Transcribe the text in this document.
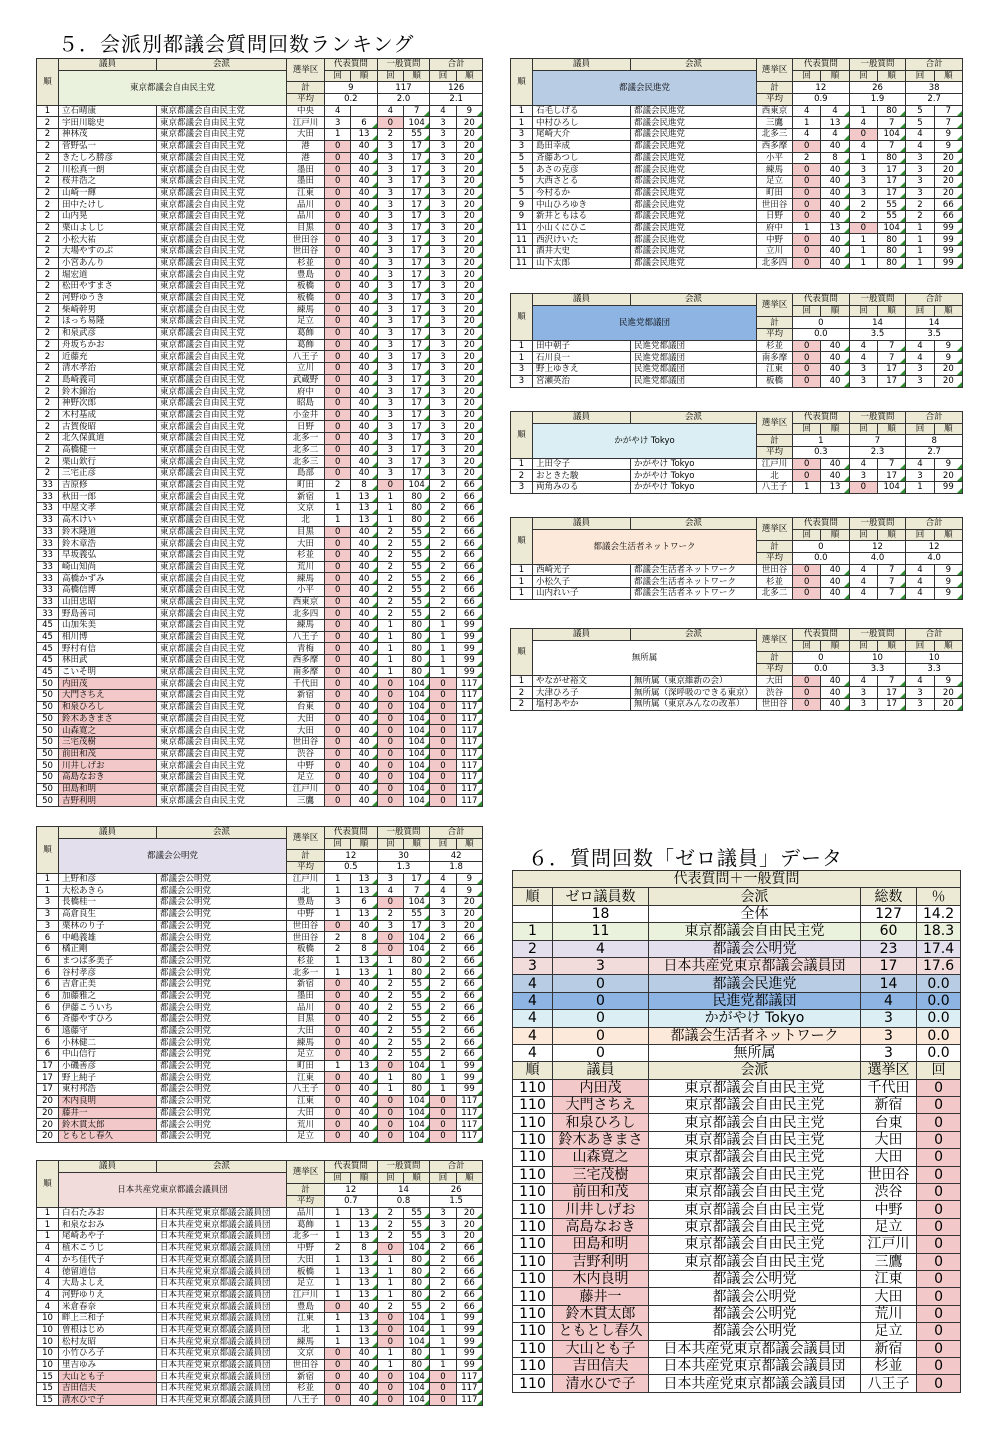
５．会派別都議会質問回数ランキング
６．質問回数「ゼロ議員」データ
順	議員	会派	選挙区	代表質問		一般質問		合計	
	東京都議会自由民主党			回	順	回	順	回	順
			計	9		117		126	
			平均	0.2		2.0		2.1	
1	立石晴康	東京都議会自由民主党	中央	4		4	7	4	9
2	宇田川聡史	東京都議会自由民主党	江戸川	3	6	0	104	3	20
2	神林茂	東京都議会自由民主党	大田	1	13	2	55	3	20
2	菅野弘一	東京都議会自由民主党	港	0	40	3	17	3	20
2	きたしろ勝彦	東京都議会自由民主党	港	0	40	3	17	3	20
2	川松真一朗	東京都議会自由民主党	墨田	0	40	3	17	3	20
2	桜井浩之	東京都議会自由民主党	墨田	0	40	3	17	3	20
2	山崎一輝	東京都議会自由民主党	江東	0	40	3	17	3	20
2	田中たけし	東京都議会自由民主党	品川	0	40	3	17	3	20
2	山内晃	東京都議会自由民主党	品川	0	40	3	17	3	20
2	栗山よしじ	東京都議会自由民主党	目黒	0	40	3	17	3	20
2	小松大祐	東京都議会自由民主党	世田谷	0	40	3	17	3	20
2	大場やすのぶ	東京都議会自由民主党	世田谷	0	40	3	17	3	20
2	小宮あんり	東京都議会自由民主党	杉並	0	40	3	17	3	20
2	堀宏道	東京都議会自由民主党	豊島	0	40	3	17	3	20
2	松田やすまさ	東京都議会自由民主党	板橋	0	40	3	17	3	20
2	河野ゆうき	東京都議会自由民主党	板橋	0	40	3	17	3	20
2	柴崎幹男	東京都議会自由民主党	練馬	0	40	3	17	3	20
2	ほっち易隆	東京都議会自由民主党	足立	0	40	3	17	3	20
2	和泉武彦	東京都議会自由民主党	葛飾	0	40	3	17	3	20
2	舟坂ちかお	東京都議会自由民主党	葛飾	0	40	3	17	3	20
2	近藤充	東京都議会自由民主党	八王子	0	40	3	17	3	20
2	清水孝治	東京都議会自由民主党	立川	0	40	3	17	3	20
2	島崎義司	東京都議会自由民主党	武蔵野	0	40	3	17	3	20
2	鈴木錦治	東京都議会自由民主党	府中	0	40	3	17	3	20
2	神野次郎	東京都議会自由民主党	昭島	0	40	3	17	3	20
2	木村基成	東京都議会自由民主党	小金井	0	40	3	17	3	20
2	古賀俊昭	東京都議会自由民主党	日野	0	40	3	17	3	20
2	北久保眞道	東京都議会自由民主党	北多一	0	40	3	17	3	20
2	高橋健一	東京都議会自由民主党	北多二	0	40	3	17	3	20
2	栗山欽行	東京都議会自由民主党	北多三	0	40	3	17	3	20
2	三宅正彦	東京都議会自由民主党	島部	0	40	3	17	3	20
33	吉原修	東京都議会自由民主党	町田	2	8	0	104	2	66
33	秋田一郎	東京都議会自由民主党	新宿	1	13	1	80	2	66
33	中屋文孝	東京都議会自由民主党	文京	1	13	1	80	2	66
33	高木けい	東京都議会自由民主党	北	1	13	1	80	2	66
33	鈴木隆道	東京都議会自由民主党	目黒	0	40	2	55	2	66
33	鈴木章浩	東京都議会自由民主党	大田	0	40	2	55	2	66
33	早坂義弘	東京都議会自由民主党	杉並	0	40	2	55	2	66
33	崎山知尚	東京都議会自由民主党	荒川	0	40	2	55	2	66
33	高橋かずみ	東京都議会自由民主党	練馬	0	40	2	55	2	66
33	高橋信博	東京都議会自由民主党	小平	0	40	2	55	2	66
33	山田忠昭	東京都議会自由民主党	西東京	0	40	2	55	2	66
33	野島善司	東京都議会自由民主党	北多四	0	40	2	55	2	66
45	山加朱美	東京都議会自由民主党	練馬	0	40	1	80	1	99
45	相川博	東京都議会自由民主党	八王子	0	40	1	80	1	99
45	野村有信	東京都議会自由民主党	青梅	0	40	1	80	1	99
45	林田武	東京都議会自由民主党	西多摩	0	40	1	80	1	99
45	こいそ明	東京都議会自由民主党	南多摩	0	40	1	80	1	99
50	内田茂	東京都議会自由民主党	千代田	0	40	0	104	0	117
50	大門さちえ	東京都議会自由民主党	新宿	0	40	0	104	0	117
50	和泉ひろし	東京都議会自由民主党	台東	0	40	0	104	0	117
50	鈴木あきまさ	東京都議会自由民主党	大田	0	40	0	104	0	117
50	山森寛之	東京都議会自由民主党	大田	0	40	0	104	0	117
50	三宅茂樹	東京都議会自由民主党	世田谷	0	40	0	104	0	117
50	前田和茂	東京都議会自由民主党	渋谷	0	40	0	104	0	117
50	川井しげお	東京都議会自由民主党	中野	0	40	0	104	0	117
50	高島なおき	東京都議会自由民主党	足立	0	40	0	104	0	117
50	田島和明	東京都議会自由民主党	江戸川	0	40	0	104	0	117
50	吉野利明	東京都議会自由民主党	三鷹	0	40	0	104	0	117
順	議員	会派	選挙区	代表質問		一般質問		合計	
	都議会民進党			回	順	回	順	回	順
			計	12		26		38	
			平均	0.9		1.9		2.7	
1	石毛しげる	都議会民進党	西東京	4	4	1	80	5	7
1	中村ひろし	都議会民進党	三鷹	1	13	4	7	5	7
3	尾崎大介	都議会民進党	北多三	4	4	0	104	4	9
3	島田幸成	都議会民進党	西多摩	0	40	4	7	4	9
5	斉藤あつし	都議会民進党	小平	2	8	1	80	3	20
5	あさの克彦	都議会民進党	練馬	0	40	3	17	3	20
5	大西さとる	都議会民進党	足立	0	40	3	17	3	20
5	今村るか	都議会民進党	町田	0	40	3	17	3	20
9	中山ひろゆき	都議会民進党	世田谷	0	40	2	55	2	66
9	新井ともはる	都議会民進党	日野	0	40	2	55	2	66
11	小山くにひこ	都議会民進党	府中	1	13	0	104	1	99
11	西沢けいた	都議会民進党	中野	0	40	1	80	1	99
11	酒井大史	都議会民進党	立川	0	40	1	80	1	99
11	山下太郎	都議会民進党	北多四	0	40	1	80	1	99
順	議員	会派	選挙区	代表質問		一般質問		合計	
	民進党都議団			回	順	回	順	回	順
			計	0		14		14	
			平均	0.0		3.5		3.5	
1	田中朝子	民進党都議団	杉並	0	40	4	7	4	9
1	石川良一	民進党都議団	南多摩	0	40	4	7	4	9
3	野上ゆきえ	民進党都議団	江東	0	40	3	17	3	20
3	宮瀬英治	民進党都議団	板橋	0	40	3	17	3	20
順	議員	会派	選挙区	代表質問		一般質問		合計	
	かがやけ Tokyo			回	順	回	順	回	順
			計	1		7		8	
			平均	0.3		2.3		2.7	
1	上田令子	かがやけ Tokyo	江戸川	0	40	4	7	4	9
2	おときた駿	かがやけ Tokyo	北	0	40	3	17	3	20
3	両角みのる	かがやけ Tokyo	八王子	1	13	0	104	1	99
順	議員	会派	選挙区	代表質問		一般質問		合計	
	都議会生活者ネットワーク			回	順	回	順	回	順
			計	0		12		12	
			平均	0.0		4.0		4.0	
1	西崎光子	都議会生活者ネットワーク	世田谷	0	40	4	7	4	9
1	小松久子	都議会生活者ネットワーク	杉並	0	40	4	7	4	9
1	山内れい子	都議会生活者ネットワーク	北多二	0	40	4	7	4	9
順	議員	会派	選挙区	代表質問		一般質問		合計	
	無所属			回	順	回	順	回	順
			計	0		10		10	
			平均	0.0		3.3		3.3	
1	やながせ裕文	無所属（東京維新の会）	大田	0	40	4	7	4	9
2	大津ひろ子	無所属（深呼吸のできる東京）	渋谷	0	40	3	17	3	20
2	塩村あやか	無所属（東京みんなの改革）	世田谷	0	40	3	17	3	20
順	議員	会派	選挙区	代表質問		一般質問		合計	
	都議会公明党			回	順	回	順	回	順
			計	12		30		42	
			平均	0.5		1.3		1.8	
1	上野和彦	都議会公明党	江戸川	1	13	3	17	4	9
1	大松あきら	都議会公明党	北	1	13	4	7	4	9
3	長橋桂一	都議会公明党	豊島	3	6	0	104	3	20
3	高倉良生	都議会公明党	中野	1	13	2	55	3	20
3	栗林のり子	都議会公明党	世田谷	0	40	3	17	3	20
6	中嶋義雄	都議会公明党	世田谷	2	8	0	104	2	66
6	橘正剛	都議会公明党	板橋	2	8	0	104	2	66
6	まつば多美子	都議会公明党	杉並	1	13	1	80	2	66
6	谷村孝彦	都議会公明党	北多一	1	13	1	80	2	66
6	吉倉正美	都議会公明党	新宿	0	40	2	55	2	66
6	加藤雅之	都議会公明党	墨田	0	40	2	55	2	66
6	伊藤こういち	都議会公明党	品川	0	40	2	55	2	66
6	斉藤やすひろ	都議会公明党	目黒	0	40	2	55	2	66
6	遠藤守	都議会公明党	大田	0	40	2	55	2	66
6	小林健二	都議会公明党	練馬	0	40	2	55	2	66
6	中山信行	都議会公明党	足立	0	40	2	55	2	66
17	小磯善彦	都議会公明党	町田	1	13	0	104	1	99
17	野上純子	都議会公明党	江東	0	40	1	80	1	99
17	東村邦浩	都議会公明党	八王子	0	40	1	80	1	99
20	木内良明	都議会公明党	江東	0	40	0	104	0	117
20	藤井一	都議会公明党	大田	0	40	0	104	0	117
20	鈴木貫太郎	都議会公明党	荒川	0	40	0	104	0	117
20	ともとし春久	都議会公明党	足立	0	40	0	104	0	117
順	議員	会派	選挙区	代表質問		一般質問		合計	
	日本共産党東京都議会議員団			回	順	回	順	回	順
			計	12		14		26	
			平均	0.7		0.8		1.5	
1	白石たみお	日本共産党東京都議会議員団	品川	1	13	2	55	3	20
1	和泉なおみ	日本共産党東京都議会議員団	葛飾	1	13	2	55	3	20
1	尾崎あや子	日本共産党東京都議会議員団	北多一	1	13	2	55	3	20
4	植木こうじ	日本共産党東京都議会議員団	中野	2	8	0	104	2	66
4	かち佳代子	日本共産党東京都議会議員団	大田	1	13	1	80	2	66
4	徳留道信	日本共産党東京都議会議員団	板橋	1	13	1	80	2	66
4	大島よしえ	日本共産党東京都議会議員団	足立	1	13	1	80	2	66
4	河野ゆりえ	日本共産党東京都議会議員団	江戸川	1	13	1	80	2	66
4	米倉春奈	日本共産党東京都議会議員団	豊島	0	40	2	55	2	66
10	畔上三和子	日本共産党東京都議会議員団	江東	1	13	0	104	1	99
10	曽根はじめ	日本共産党東京都議会議員団	北	1	13	0	104	1	99
10	松村友昭	日本共産党東京都議会議員団	練馬	1	13	0	104	1	99
10	小竹ひろ子	日本共産党東京都議会議員団	文京	0	40	1	80	1	99
10	里吉ゆみ	日本共産党東京都議会議員団	世田谷	0	40	1	80	1	99
15	大山とも子	日本共産党東京都議会議員団	新宿	0	40	0	104	0	117
15	吉田信夫	日本共産党東京都議会議員団	杉並	0	40	0	104	0	117
15	清水ひで子	日本共産党東京都議会議員団	八王子	0	40	0	104	0	117
代表質問＋一般質問				
順	ゼロ議員数	会派	総数	％
	18	全体	127	14.2
1	11	東京都議会自由民主党	60	18.3
2	4	都議会公明党	23	17.4
3	3	日本共産党東京都議会議員団	17	17.6
4	0	都議会民進党	14	0.0
4	0	民進党都議団	4	0.0
4	0	かがやけ Tokyo	3	0.0
4	0	都議会生活者ネットワーク	3	0.0
4	0	無所属	3	0.0
順	議員	会派	選挙区	回
110	内田茂	東京都議会自由民主党	千代田	0
110	大門さちえ	東京都議会自由民主党	新宿	0
110	和泉ひろし	東京都議会自由民主党	台東	0
110	鈴木あきまさ	東京都議会自由民主党	大田	0
110	山森寛之	東京都議会自由民主党	大田	0
110	三宅茂樹	東京都議会自由民主党	世田谷	0
110	前田和茂	東京都議会自由民主党	渋谷	0
110	川井しげお	東京都議会自由民主党	中野	0
110	高島なおき	東京都議会自由民主党	足立	0
110	田島和明	東京都議会自由民主党	江戸川	0
110	吉野利明	東京都議会自由民主党	三鷹	0
110	木内良明	都議会公明党	江東	0
110	藤井一	都議会公明党	大田	0
110	鈴木貫太郎	都議会公明党	荒川	0
110	ともとし春久	都議会公明党	足立	0
110	大山とも子	日本共産党東京都議会議員団	新宿	0
110	吉田信夫	日本共産党東京都議会議員団	杉並	0
110	清水ひで子	日本共産党東京都議会議員団	八王子	0
